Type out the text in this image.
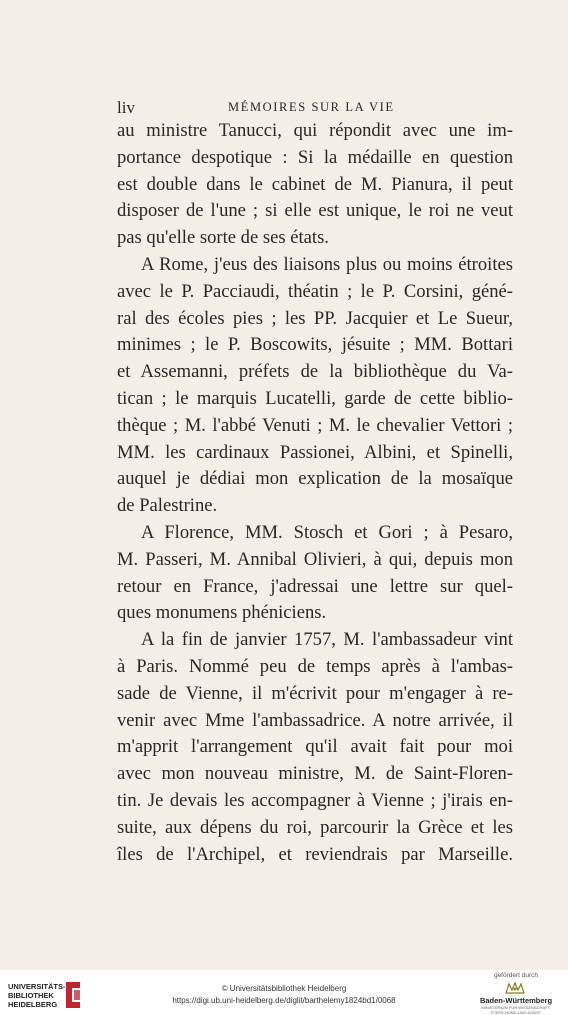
liv	MÉMOIRES SUR LA VIE
au ministre Tanucci, qui répondit avec une im-
portance despotique : Si la médaille en question
est double dans le cabinet de M. Pianura, il peut
disposer de l'une ; si elle est unique, le roi ne veut
pas qu'elle sorte de ses états.
A Rome, j'eus des liaisons plus ou moins étroites
avec le P. Pacciaudi, théatin ; le P. Corsini, géné-
ral des écoles pies ; les PP. Jacquier et Le Sueur,
minimes ; le P. Boscowits, jésuite ; MM. Bottari
et Assemanni, préfets de la bibliothèque du Va-
tican ; le marquis Lucatelli, garde de cette biblio-
thèque ; M. l'abbé Venuti ; M. le chevalier Vettori ;
MM. les cardinaux Passionei, Albini, et Spinelli,
auquel je dédiai mon explication de la mosaïque
de Palestrine.
A Florence, MM. Stosch et Gori ; à Pesaro,
M. Passeri, M. Annibal Olivieri, à qui, depuis mon
retour en France, j'adressai une lettre sur quel-
ques monumens phéniciens.
A la fin de janvier 1757, M. l'ambassadeur vint
à Paris. Nommé peu de temps après à l'ambas-
sade de Vienne, il m'écrivit pour m'engager à re-
venir avec Mme l'ambassadrice. A notre arrivée, il
m'apprit l'arrangement qu'il avait fait pour moi
avec mon nouveau ministre, M. de Saint-Floren-
tin. Je devais les accompagner à Vienne ; j'irais en-
suite, aux dépens du roi, parcourir la Grèce et les
îles de l'Archipel, et reviendrais par Marseille.
UNIVERSITÄTS-
BIBLIOTHEK
HEIDELBERG
© Universitätsbibliothek Heidelberg
https://digi.ub.uni-heidelberg.de/diglit/barthelemy1824bd1/0068
gefördert durch
Baden-Württemberg
MINISTERIUM FÜR WISSENSCHAFT, FORSCHUNG UND KUNST
